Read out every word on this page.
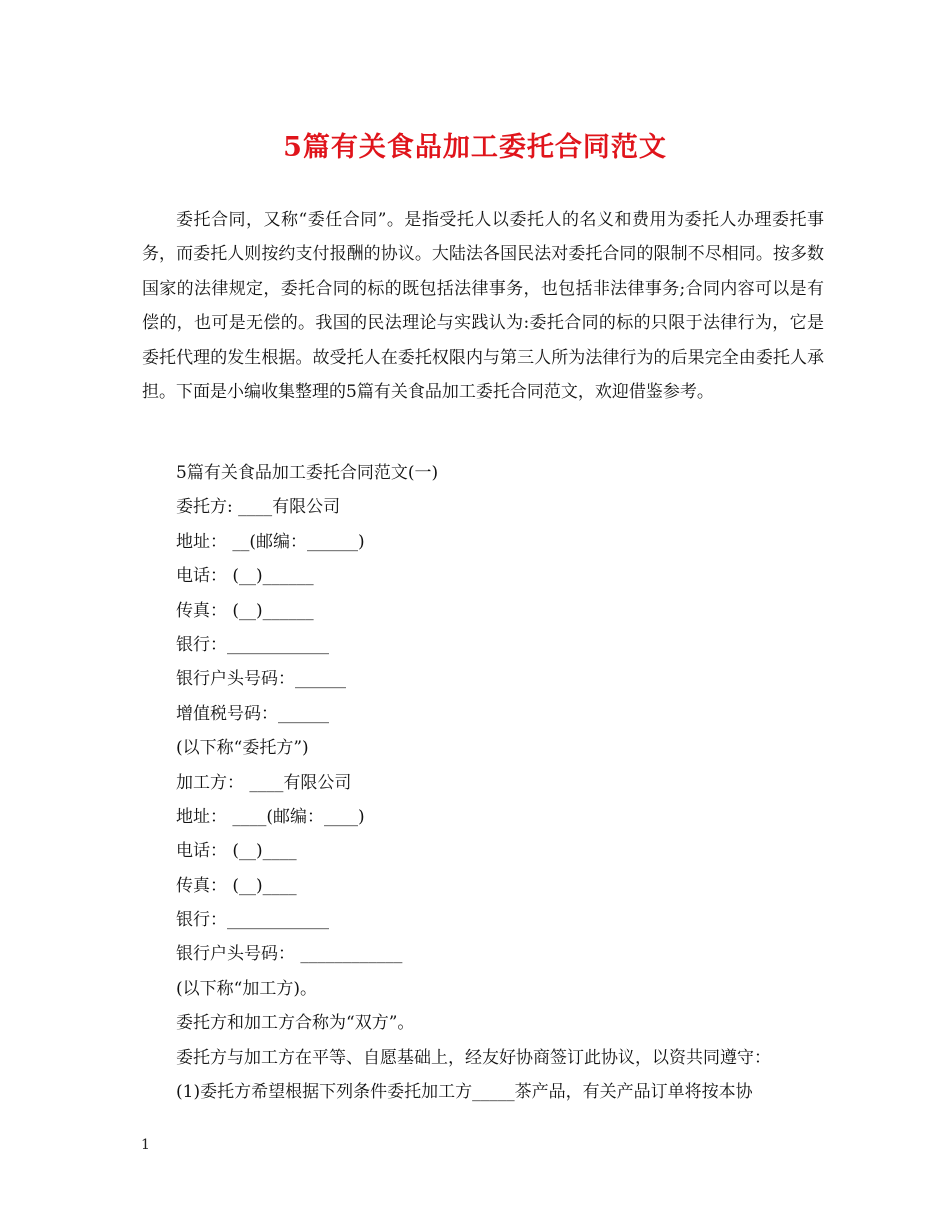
5篇有关食品加工委托合同范文

委托合同，又称“委任合同”。是指受托人以委托人的名义和费用为委托人办理委托事务，而委托人则按约支付报酬的协议。大陆法各国民法对委托合同的限制不尽相同。按多数国家的法律规定，委托合同的标的既包括法律事务，也包括非法律事务;合同内容可以是有偿的，也可是无偿的。我国的民法理论与实践认为:委托合同的标的只限于法律行为，它是委托代理的发生根据。故受托人在委托权限内与第三人所为法律行为的后果完全由委托人承担。下面是小编收集整理的5篇有关食品加工委托合同范文，欢迎借鉴参考。

5篇有关食品加工委托合同范文(一)
委托方: ____有限公司
地址： __(邮编：______)
电话： (__)______
传真： (__)______
银行：____________
银行户头号码：______
增值税号码：______
(以下称“委托方”)
加工方： ____有限公司
地址： ____(邮编：____)
电话： (__)____
传真： (__)____
银行：____________
银行户头号码： ____________
(以下称“加工方)。
委托方和加工方合称为“双方”。
委托方与加工方在平等、自愿基础上，经友好协商签订此协议，以资共同遵守：
(1)委托方希望根据下列条件委托加工方_____茶产品，有关产品订单将按本协
1
